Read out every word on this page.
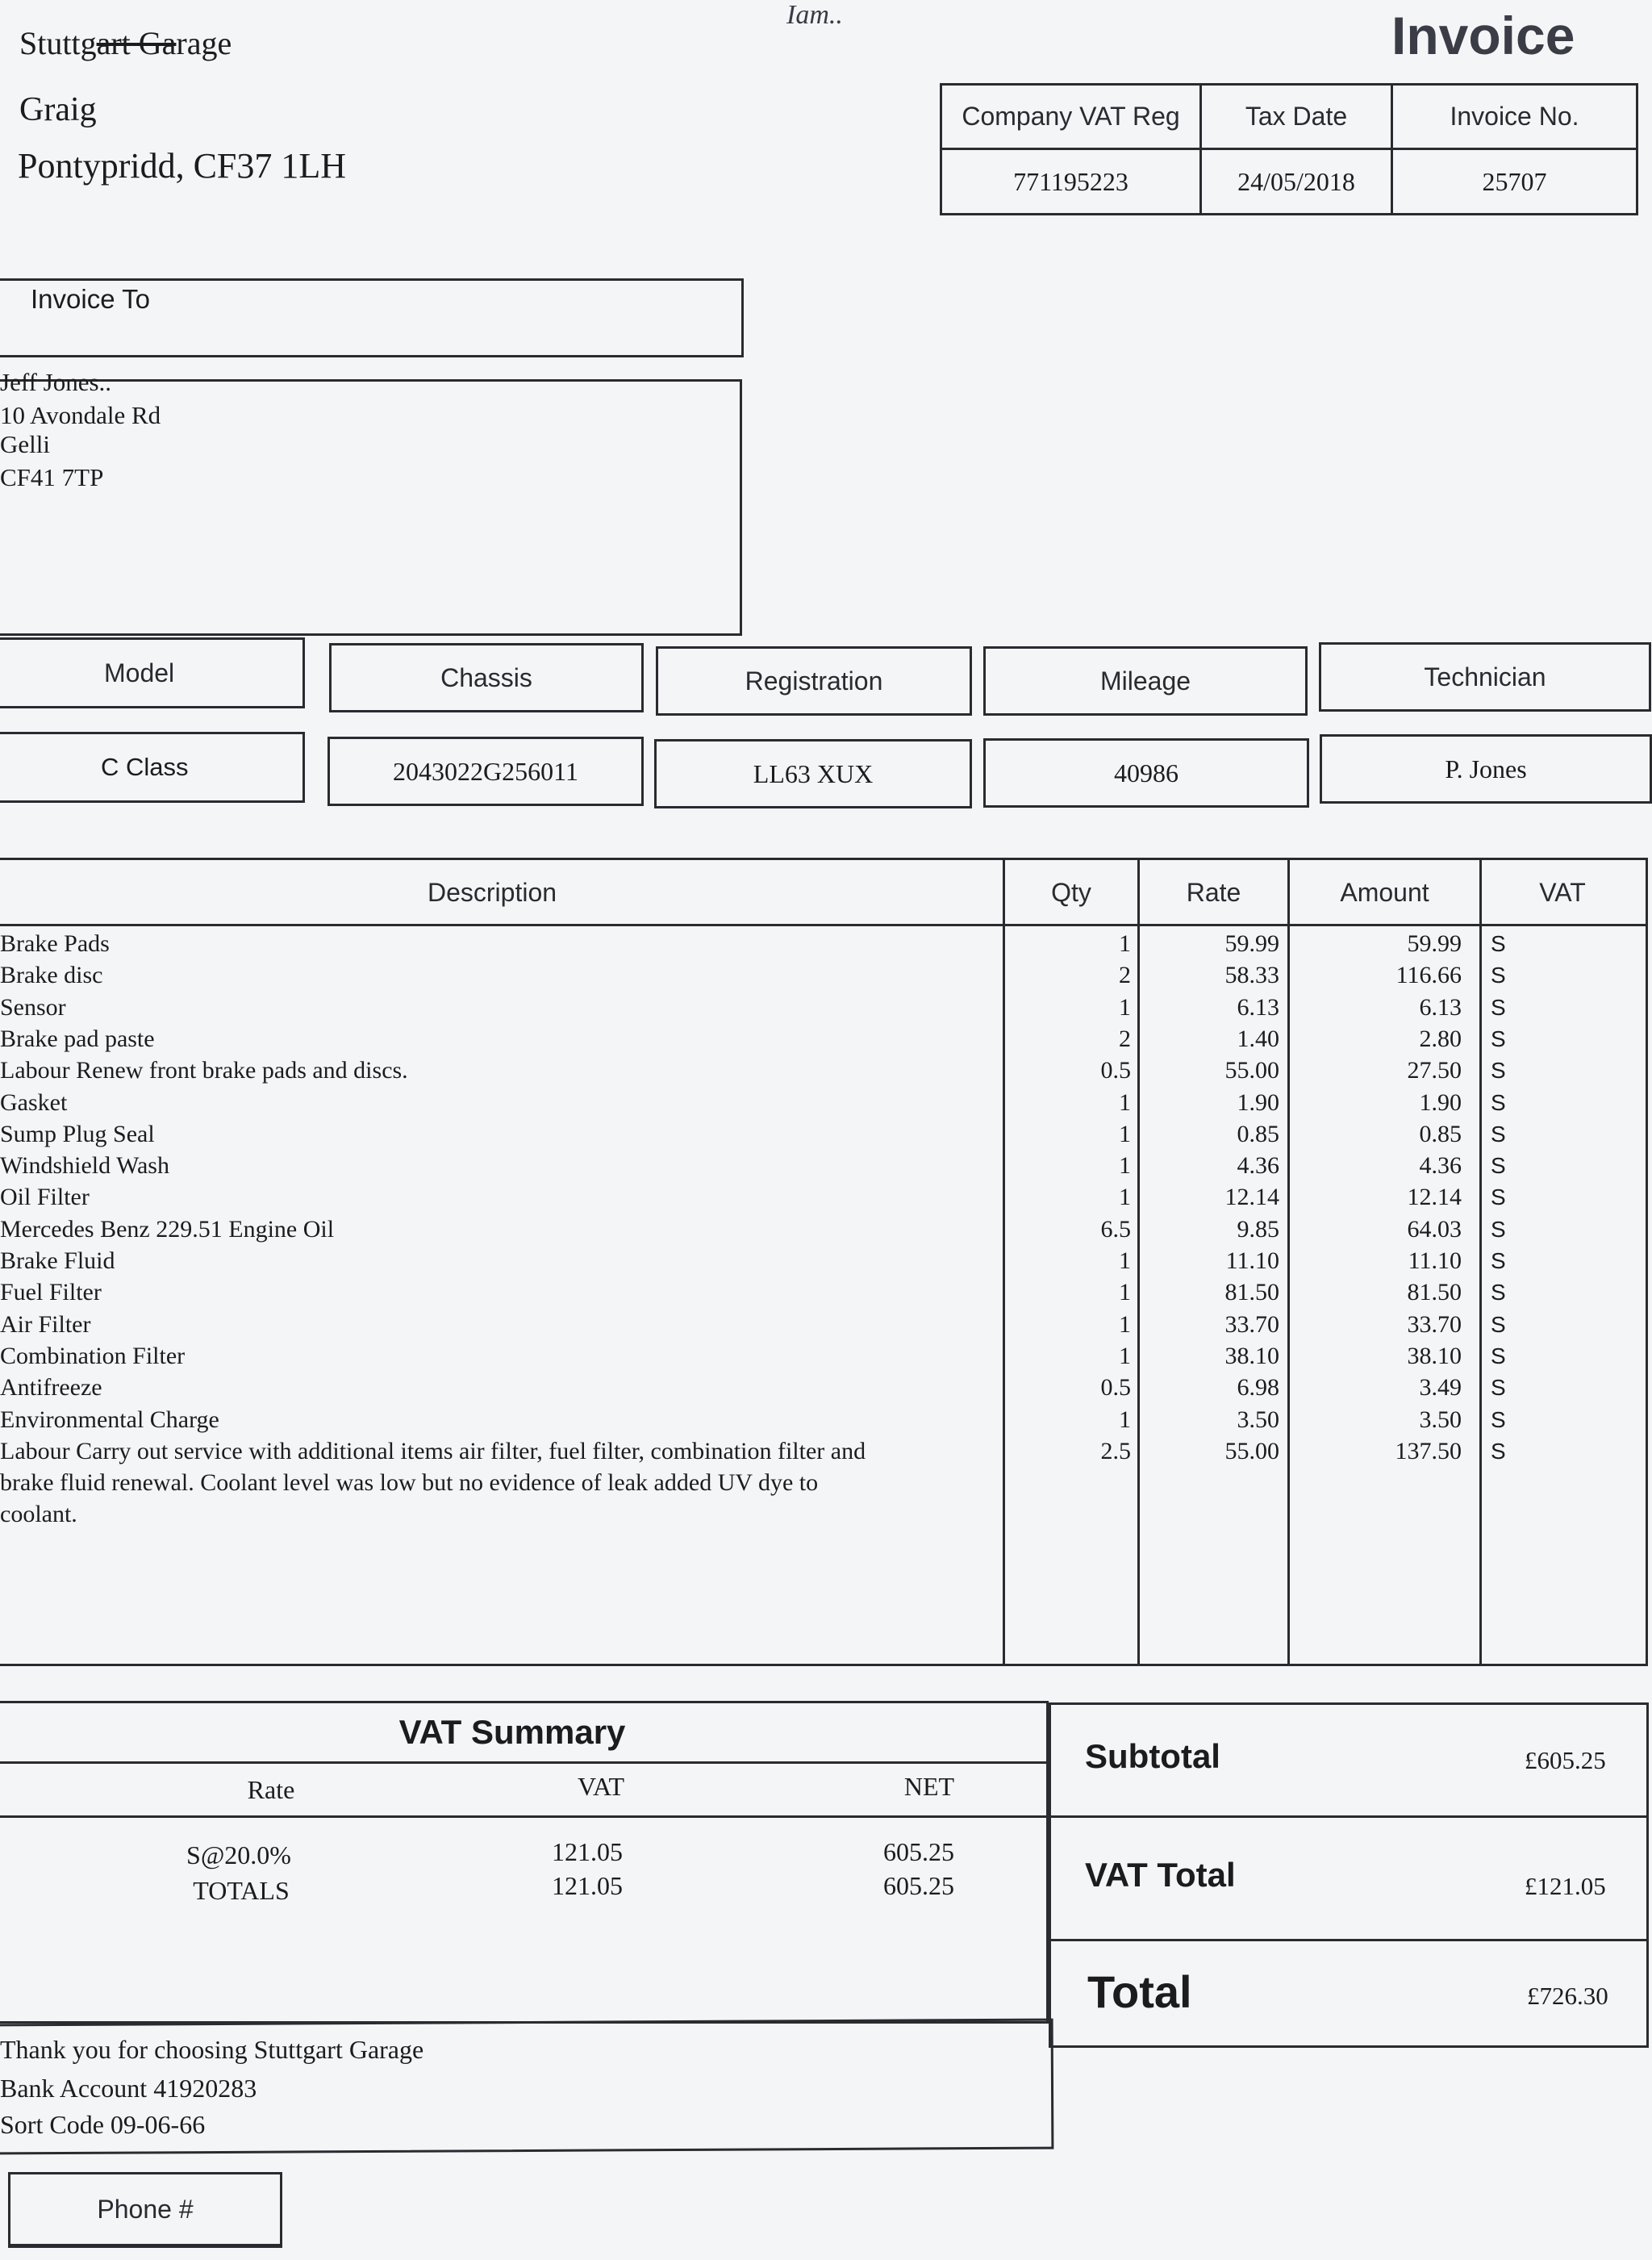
Stuttgart Garage
Graig
Pontypridd, CF37 1LH
Iam..	Invoice
Company VAT Reg	Tax Date	Invoice No.
771195223	24/05/2018	25707
Invoice To
Jeff Jones..
10 Avondale Rd
Gelli
CF41 7TP
Model	Chassis	Registration	Mileage	Technician
C Class	2043022G256011	LL63 XUX	40986	P. Jones
Description	Qty	Rate	Amount	VAT
Brake Pads	1	59.99	59.99 S
Brake disc	2	58.33	116.66 S
Sensor	1	6.13	6.13 S
Brake pad paste	2	1.40	2.80 S
Labour Renew front brake pads and discs.	0.5	55.00	27.50 S
Gasket	1	1.90	1.90 S
Sump Plug Seal	1	0.85	0.85 S
Windshield Wash	1	4.36	4.36 S
Oil Filter	1	12.14	12.14 S
Mercedes Benz 229.51 Engine Oil	6.5	9.85	64.03 S
Brake Fluid	1	11.10	11.10 S
Fuel Filter	1	81.50	81.50 S
Air Filter	1	33.70	33.70 S
Combination Filter	1	38.10	38.10 S
Antifreeze	0.5	6.98	3.49 S
Environmental Charge	1	3.50	3.50 S
Labour Carry out service with additional items air filter, fuel filter, combination filter and	2.5	55.00	137.50 S
brake fluid renewal. Coolant level was low but no evidence of leak added UV dye to
coolant.
VAT Summary
Rate	VAT	NET
S@20.0%	121.05	605.25
TOTALS	121.05	605.25
Subtotal	£605.25
VAT Total	£121.05
Total	£726.30
Thank you for choosing Stuttgart Garage
Bank Account 41920283
Sort Code 09-06-66
Phone #
